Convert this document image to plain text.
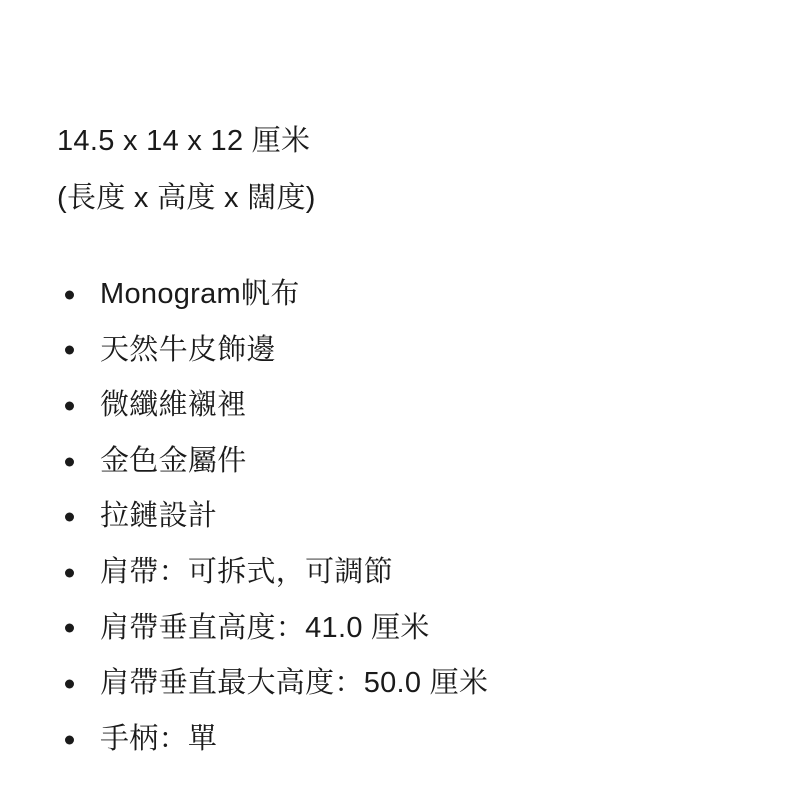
14.5 x 14 x 12 厘米
(長度 x 高度 x 闊度)
Monogram帆布
天然牛皮飾邊
微纖維襯裡
金色金屬件
拉鏈設計
肩帶：可拆式，可調節
肩帶垂直高度：41.0 厘米
肩帶垂直最大高度：50.0 厘米
手柄：單
